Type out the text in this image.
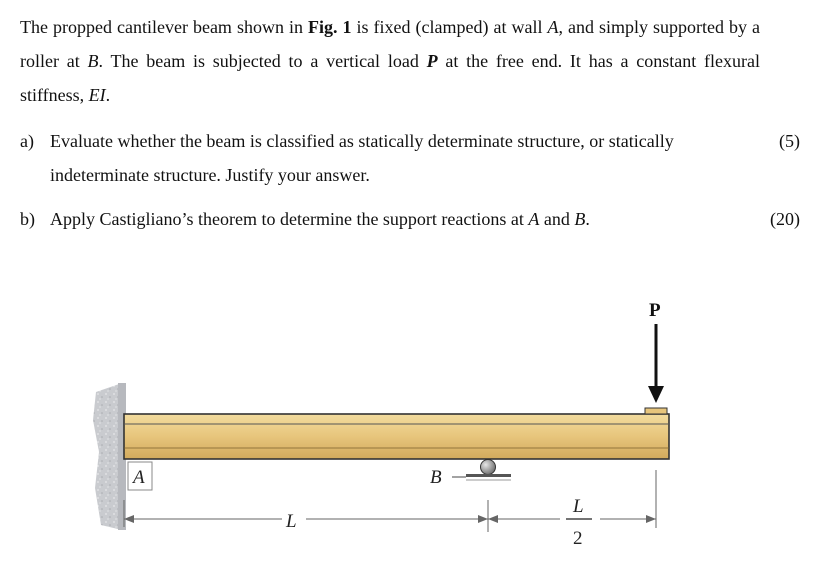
The propped cantilever beam shown in Fig. 1 is fixed (clamped) at wall A, and simply supported by a roller at B. The beam is subjected to a vertical load P at the free end. It has a constant flexural stiffness, EI.
a) Evaluate whether the beam is classified as statically determinate structure, or statically indeterminate structure. Justify your answer.
(5)
b) Apply Castigliano’s theorem to determine the support reactions at A and B.	(20)
P
A	B
L
L
2
